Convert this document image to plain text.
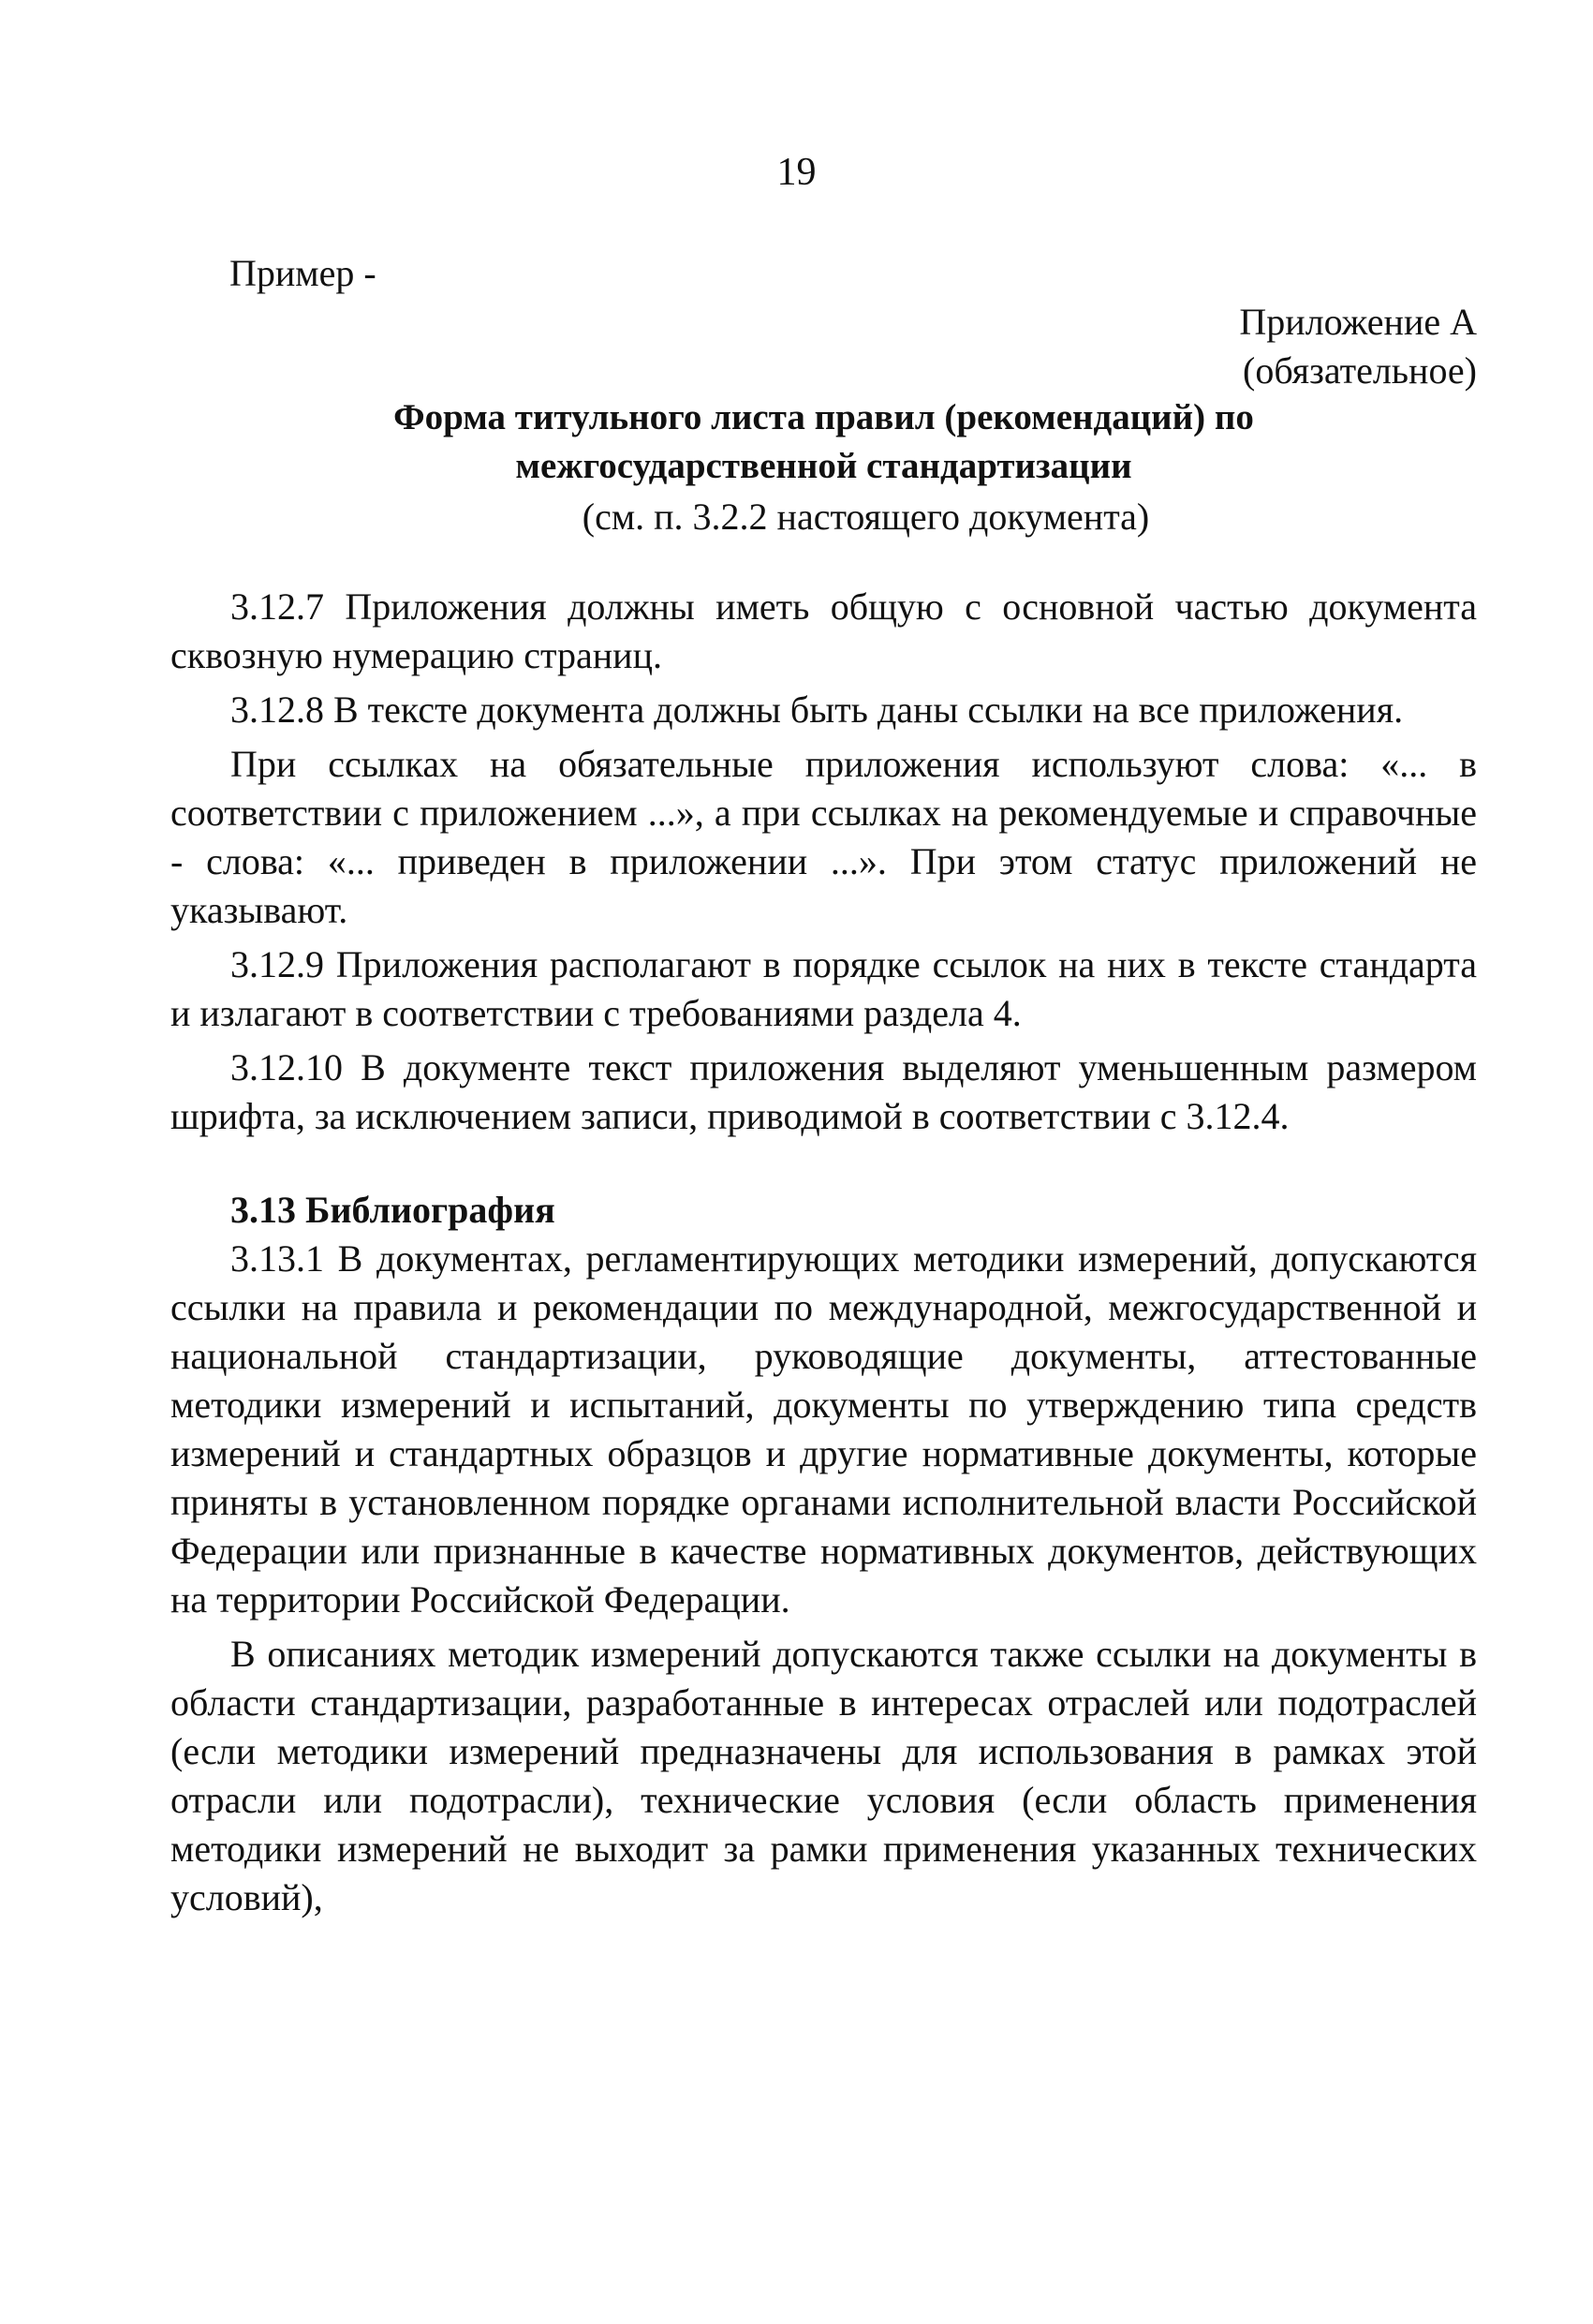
19
Пример -
Приложение А
(обязательное)
Форма титульного листа правил (рекомендаций) по
межгосударственной стандартизации
(см. п. 3.2.2 настоящего документа)

3.12.7 Приложения должны иметь общую с основной частью документа сквозную нумерацию страниц.

3.12.8 В тексте документа должны быть даны ссылки на все приложения.

При ссылках на обязательные приложения используют слова: «... в соответствии с приложением ...», а при ссылках на рекомендуемые и справочные - слова: «... приведен в приложении ...». При этом статус приложений не указывают.

3.12.9 Приложения располагают в порядке ссылок на них в тексте стандарта и излагают в соответствии с требованиями раздела 4.

3.12.10 В документе текст приложения выделяют уменьшенным размером шрифта, за исключением записи, приводимой в соответствии с 3.12.4.

3.13 Библиография

3.13.1 В документах, регламентирующих методики измерений, допускаются ссылки на правила и рекомендации по международной, межгосударственной и национальной стандартизации, руководящие документы, аттестованные методики измерений и испытаний, документы по утверждению типа средств измерений и стандартных образцов и другие нормативные документы, которые приняты в установленном порядке органами исполнительной власти Российской Федерации или признанные в качестве нормативных документов, действующих на территории Российской Федерации.

В описаниях методик измерений допускаются также ссылки на документы в области стандартизации, разработанные в интересах отраслей или подотраслей (если методики измерений предназначены для использования в рамках этой отрасли или подотрасли), технические условия (если область применения методики измерений не выходит за рамки применения указанных технических условий),
